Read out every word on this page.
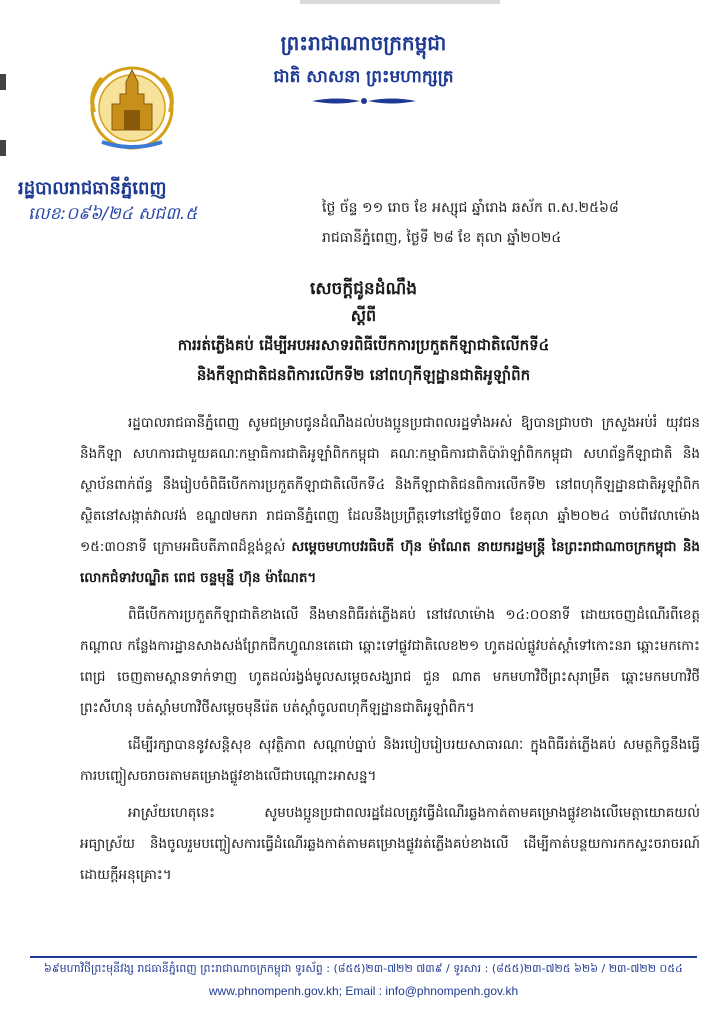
ព្រះរាជាណាចក្រកម្ពុជា
ជាតិ សាសនា ព្រះមហាក្សត្រ
រដ្ឋបាលរាជធានីភ្នំពេញ
លេខ:០៩៦/២៤ សជ៣.៥	ថ្ងៃ ច័ន្ទ ១១ រោច ខែ អស្សុជ ឆ្នាំរោង ឆស័ក ព.ស.២៥៦៨
រាជធានីភ្នំពេញ, ថ្ងៃទី ២៨ ខែ តុលា ឆ្នាំ២០២៤
សេចក្តីជូនដំណឹង
ស្តីពី
ការរត់ភ្លើងគប់ ដើម្បីអបអរសាទរពិធីបើកការប្រកួតកីឡាជាតិលើកទី៤
និងកីឡាជាតិជនពិការលើកទី២ នៅពហុកីឡដ្ឋានជាតិអូឡាំពិក

រដ្ឋបាលរាជធានីភ្នំពេញ សូមជម្រាបជូនដំណឹងដល់បងប្អូនប្រជាពលរដ្ឋទាំងអស់ ឱ្យបានជ្រាបថា ក្រសួងអប់រំ យុវជន និងកីឡា សហការជាមួយគណៈកម្មាធិការជាតិអូឡាំពិកកម្ពុជា គណៈកម្មាធិការជាតិប៉ារ៉ាឡាំពិកកម្ពុជា សហព័ន្ធកីឡាជាតិ និងស្ថាប័នពាក់ព័ន្ធ នឹងរៀបចំពិធីបើកការប្រកួតកីឡាជាតិលើកទី៤ និងកីឡាជាតិជនពិការលើកទី២ នៅពហុកីឡដ្ឋានជាតិអូឡាំពិក ស្ថិតនៅសង្កាត់វាលវង់ ខណ្ឌ៧មករា រាជធានីភ្នំពេញ ដែលនឹងប្រព្រឹត្តទៅនៅថ្ងៃទី៣០ ខែតុលា ឆ្នាំ២០២៤ ចាប់ពីវេលាម៉ោង ១៥:៣០នាទី ក្រោមអធិបតីភាពដ៏ខ្ពង់ខ្ពស់ សម្តេចមហាបវរធិបតី ហ៊ុន ម៉ាណែត នាយករដ្ឋមន្ត្រី នៃព្រះរាជាណាចក្រកម្ពុជា និងលោកជំទាវបណ្ឌិត ពេជ ចន្ទមុន្នី ហ៊ុន ម៉ាណែត។

ពិធីបើកការប្រកួតកីឡាជាតិខាងលើ នឹងមានពិធីរត់ភ្លើងគប់ នៅវេលាម៉ោង ១៤:០០នាទី ដោយចេញដំណើរពីខេត្តកណ្តាល កន្លែងការដ្ឋានសាងសង់ព្រែកជីកហ្វូណនតេជោ ឆ្ពោះទៅផ្លូវជាតិលេខ២១ ហូតដល់ផ្លូវបត់ស្តាំទៅកោះនរា ឆ្ពោះមកកោះពេជ្រ ចេញតាមស្ពានទាក់ទាញ ហូតដល់រង្វង់មូលសម្តេចសង្ឃរាជ ជួន ណាត មកមហាវិថីព្រះសុរាម្រឹត ឆ្ពោះមកមហាវិថីព្រះសីហនុ បត់ស្តាំមហាវិថីសម្តេចមុនីរ៉េត បត់ស្តាំចូលពហុកីឡដ្ឋានជាតិអូឡាំពិក។

ដើម្បីរក្សាបាននូវសន្តិសុខ សុវត្ថិភាព សណ្តាប់ធ្នាប់ និងរបៀបរៀបរយសាធារណៈ ក្នុងពិធីរត់ភ្លើងគប់ សមត្ថកិច្ចនឹងធ្វើការបញ្ចៀសចរាចរតាមគម្រោងផ្លូវខាងលើជាបណ្តោះអាសន្ន។

អាស្រ័យហេតុនេះ សូមបងប្អូនប្រជាពលរដ្ឋដែលត្រូវធ្វើដំណើរឆ្លងកាត់តាមគម្រោងផ្លូវខាងលើមេត្តាយោគយល់ អធ្យាស្រ័យ និងចូលរួមបញ្ចៀសការធ្វើដំណើរឆ្លងកាត់តាមគម្រោងផ្លូវរត់ភ្លើងគប់ខាងលើ ដើម្បីកាត់បន្ថយការកកស្ទះចរាចរណ៍ដោយក្តីអនុគ្រោះ។

៦៩មហាវិថីព្រះមុនីវង្ស រាជធានីភ្នំពេញ ព្រះរាជាណាចក្រកម្ពុជា ទូរស័ព្ទ : (៨៥៥)២៣-៧២២ ៧៣៩ / ទូរសារ : (៨៥៥)២៣-៧២៥ ៦២៦ / ២៣-៧២២ ០៥៤
www.phnompenh.gov.kh; Email : info@phnompenh.gov.kh
